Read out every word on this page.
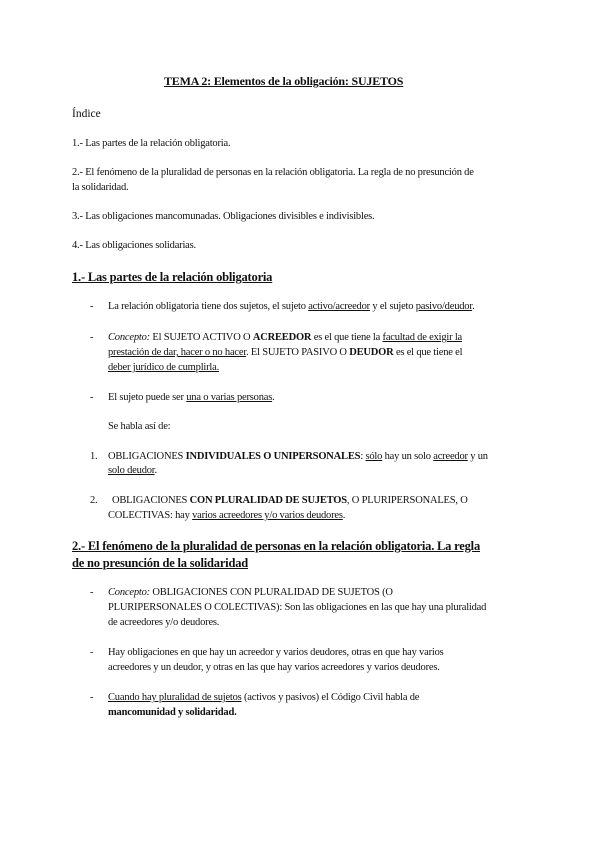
TEMA 2: Elementos de la obligación: SUJETOS
Índice
1.- Las partes de la relación obligatoria.
2.- El fenómeno de la pluralidad de personas en la relación obligatoria. La regla de no presunción de
la solidaridad.
3.- Las obligaciones mancomunadas. Obligaciones divisibles e indivisibles.
4.- Las obligaciones solidarias.
1.- Las partes de la relación obligatoria
- La relación obligatoria tiene dos sujetos, el sujeto activo/acreedor y el sujeto pasivo/deudor.
- Concepto: El SUJETO ACTIVO O ACREEDOR es el que tiene la facultad de exigir la
prestación de dar, hacer o no hacer. El SUJETO PASIVO O DEUDOR es el que tiene el
deber jurídico de cumplirla.
- El sujeto puede ser una o varias personas.
Se habla así de:
1. OBLIGACIONES INDIVIDUALES O UNIPERSONALES: sólo hay un solo acreedor y un
solo deudor.
2. OBLIGACIONES CON PLURALIDAD DE SUJETOS, O PLURIPERSONALES, O
COLECTIVAS: hay varios acreedores y/o varios deudores.
2.- El fenómeno de la pluralidad de personas en la relación obligatoria. La regla
de no presunción de la solidaridad
- Concepto: OBLIGACIONES CON PLURALIDAD DE SUJETOS (O
PLURIPERSONALES O COLECTIVAS): Son las obligaciones en las que hay una pluralidad
de acreedores y/o deudores.
- Hay obligaciones en que hay un acreedor y varios deudores, otras en que hay varios
acreedores y un deudor, y otras en las que hay varios acreedores y varios deudores.
- Cuando hay pluralidad de sujetos (activos y pasivos) el Código Civil habla de
mancomunidad y solidaridad.
